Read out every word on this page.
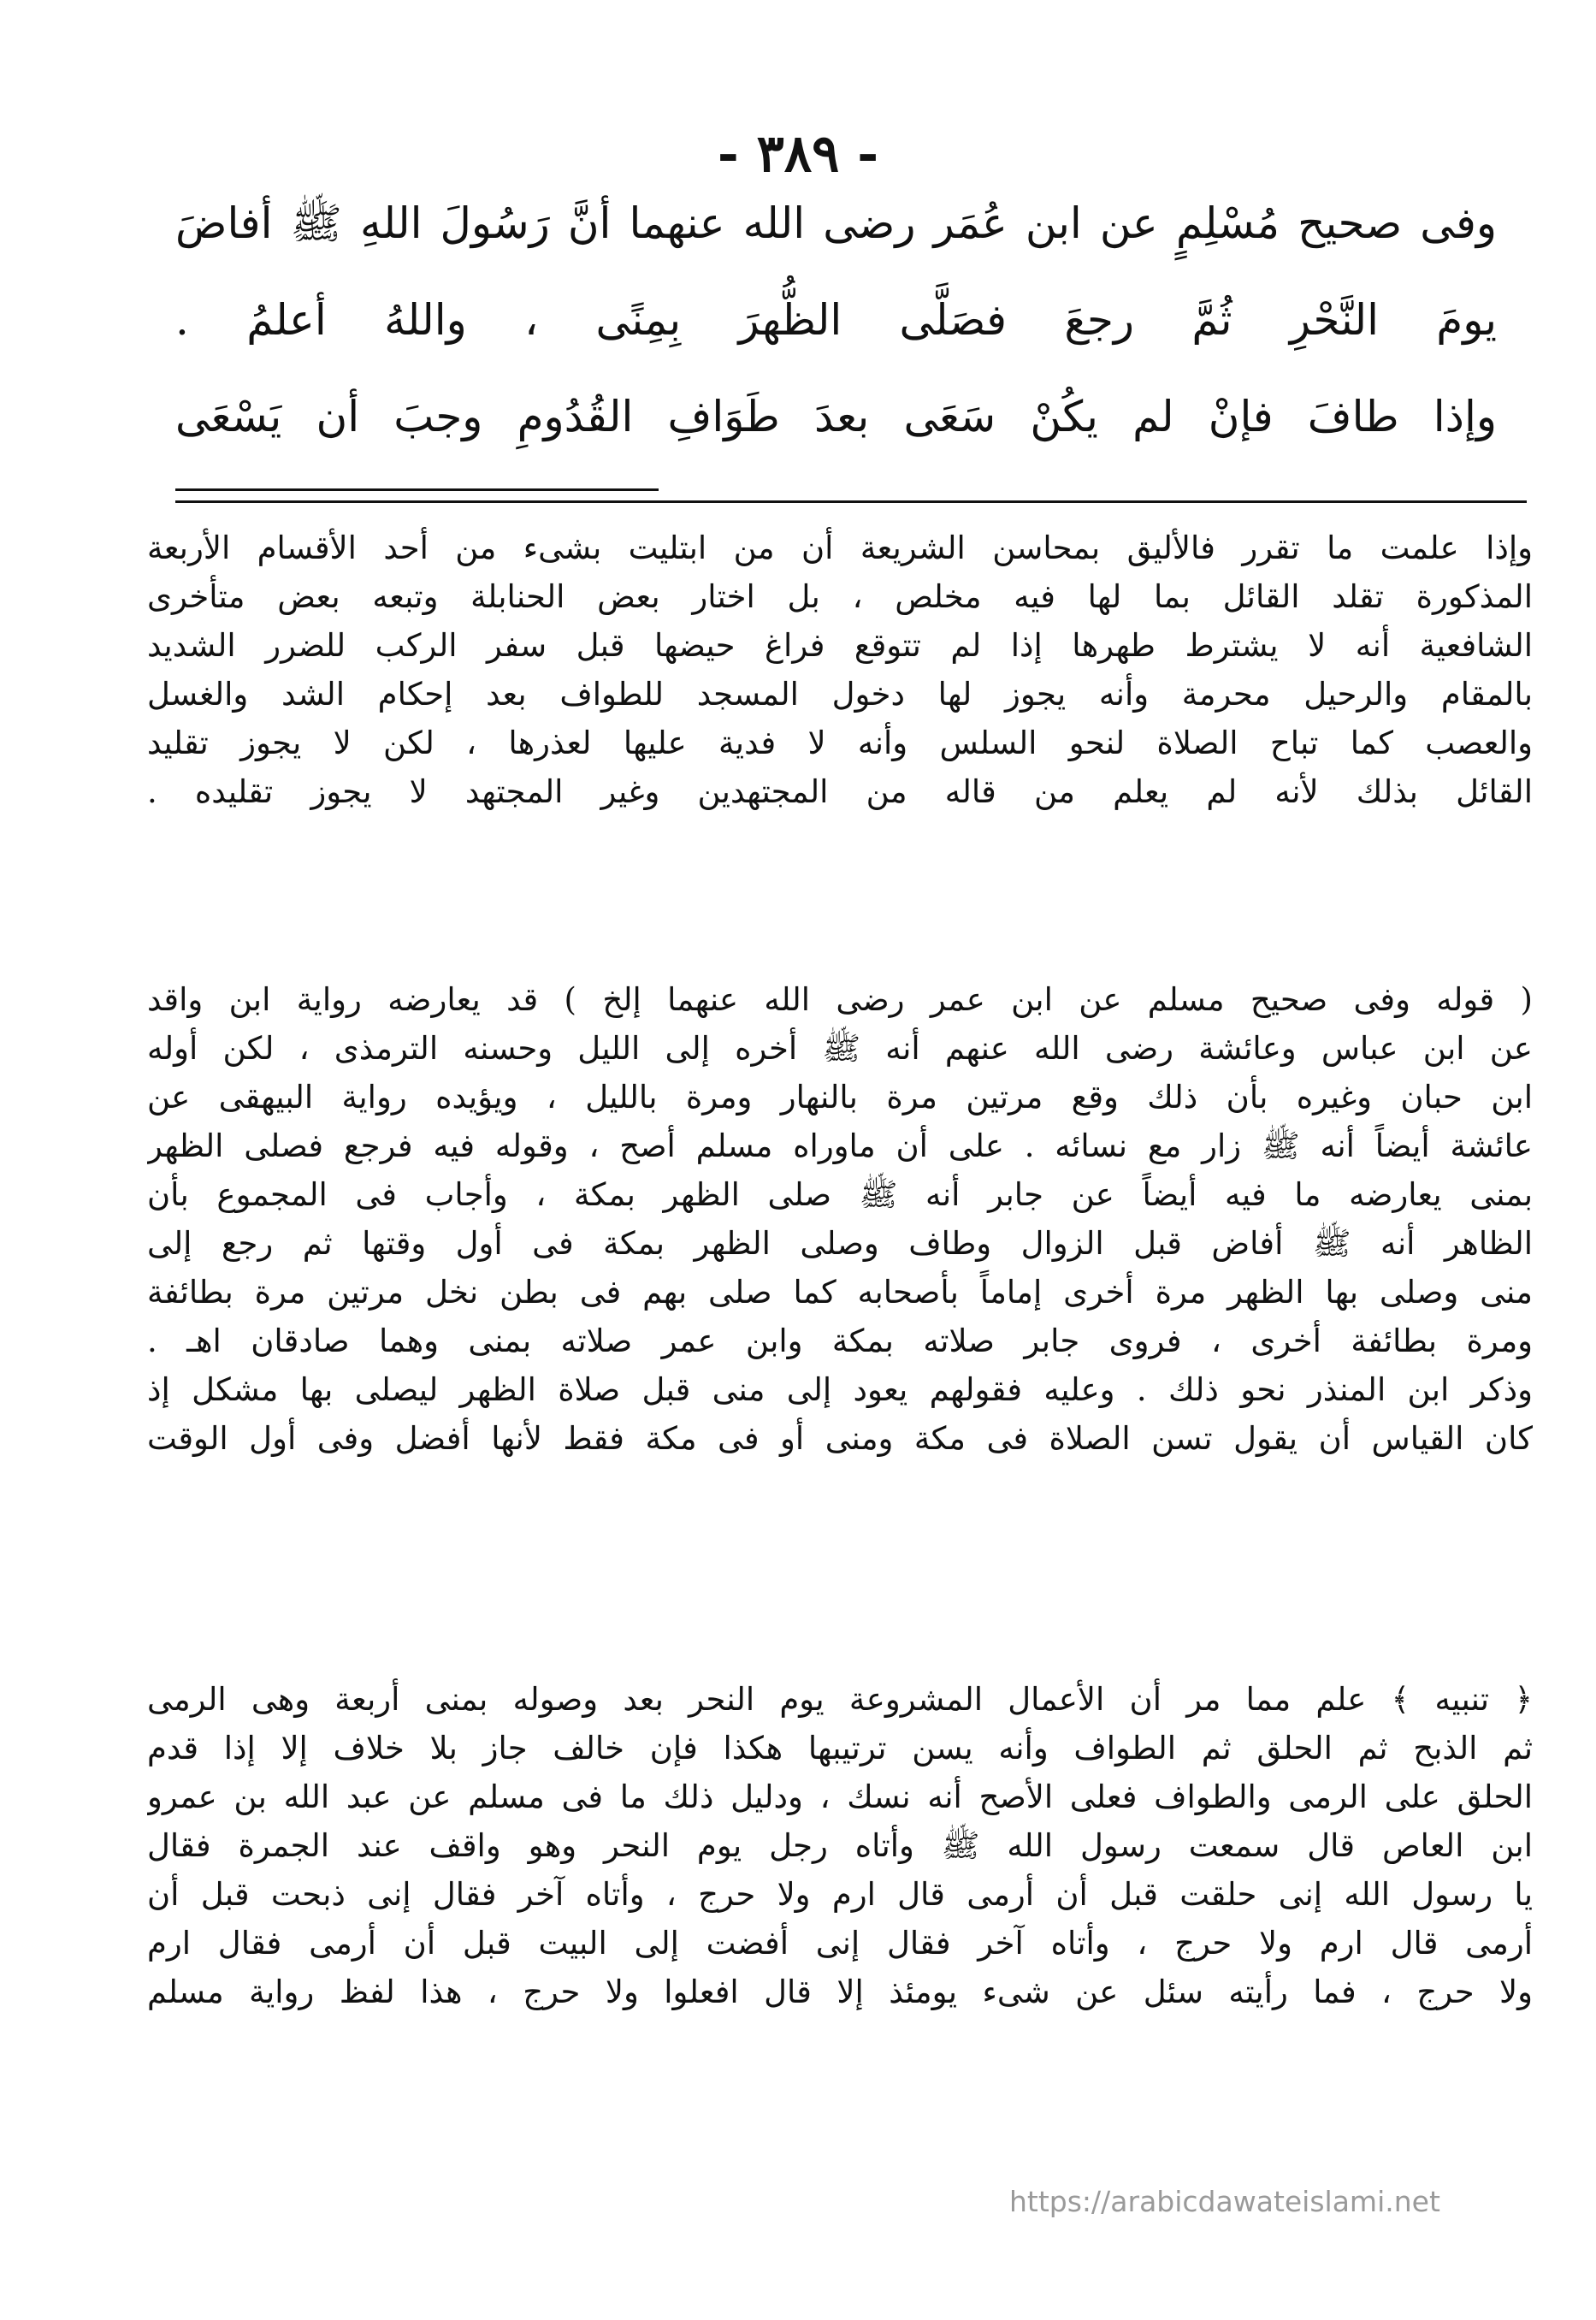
- ٣٨٩ -
وفى صحيح مُسْلِمٍ عن ابن عُمَر رضى الله عنهما أنَّ رَسُولَ اللهِ ﷺ أفاضَ
يومَ النَّحْرِ ثُمَّ رجعَ فصَلَّى الظُّهرَ بِمِنًى ، واللهُ أعلمُ .
وإذا طافَ فإنْ لم يكُنْ سَعَى بعدَ طَوَافِ القُدُومِ وجبَ أن يَسْعَى
وإذا علمت ما تقرر فالأليق بمحاسن الشريعة أن من ابتليت بشىء من أحد الأقسام الأربعة
المذكورة تقلد القائل بما لها فيه مخلص ، بل اختار بعض الحنابلة وتبعه بعض متأخرى
الشافعية أنه لا يشترط طهرها إذا لم تتوقع فراغ حيضها قبل سفر الركب للضرر الشديد
بالمقام والرحيل محرمة وأنه يجوز لها دخول المسجد للطواف بعد إحكام الشد والغسل
والعصب كما تباح الصلاة لنحو السلس وأنه لا فدية عليها لعذرها ، لكن لا يجوز تقليد
القائل بذلك لأنه لم يعلم من قاله من المجتهدين وغير المجتهد لا يجوز تقليده .
( قوله وفى صحيح مسلم عن ابن عمر رضى الله عنهما إلخ ) قد يعارضه رواية ابن واقد
عن ابن عباس وعائشة رضى الله عنهم أنه ﷺ أخره إلى الليل وحسنه الترمذى ، لكن أوله
ابن حبان وغيره بأن ذلك وقع مرتين مرة بالنهار ومرة بالليل ، ويؤيده رواية البيهقى عن
عائشة أيضاً أنه ﷺ زار مع نسائه . على أن ماوراه مسلم أصح ، وقوله فيه فرجع فصلى الظهر
بمنى يعارضه ما فيه أيضاً عن جابر أنه ﷺ صلى الظهر بمكة ، وأجاب فى المجموع بأن
الظاهر أنه ﷺ أفاض قبل الزوال وطاف وصلى الظهر بمكة فى أول وقتها ثم رجع إلى
منى وصلى بها الظهر مرة أخرى إماماً بأصحابه كما صلى بهم فى بطن نخل مرتين مرة بطائفة
ومرة بطائفة أخرى ، فروى جابر صلاته بمكة وابن عمر صلاته بمنى وهما صادقان اهـ .
وذكر ابن المنذر نحو ذلك . وعليه فقولهم يعود إلى منى قبل صلاة الظهر ليصلى بها مشكل إذ
كان القياس أن يقول تسن الصلاة فى مكة ومنى أو فى مكة فقط لأنها أفضل وفى أول الوقت
﴿ تنبيه ﴾ علم مما مر أن الأعمال المشروعة يوم النحر بعد وصوله بمنى أربعة وهى الرمى
ثم الذبح ثم الحلق ثم الطواف وأنه يسن ترتيبها هكذا فإن خالف جاز بلا خلاف إلا إذا قدم
الحلق على الرمى والطواف فعلى الأصح أنه نسك ، ودليل ذلك ما فى مسلم عن عبد الله بن عمرو
ابن العاص قال سمعت رسول الله ﷺ وأتاه رجل يوم النحر وهو واقف عند الجمرة فقال
يا رسول الله إنى حلقت قبل أن أرمى قال ارم ولا حرج ، وأتاه آخر فقال إنى ذبحت قبل أن
أرمى قال ارم ولا حرج ، وأتاه آخر فقال إنى أفضت إلى البيت قبل أن أرمى فقال ارم
ولا حرج ، فما رأيته سئل عن شىء يومئذ إلا قال افعلوا ولا حرج ، هذا لفظ رواية مسلم
https://arabicdawateislami.net
